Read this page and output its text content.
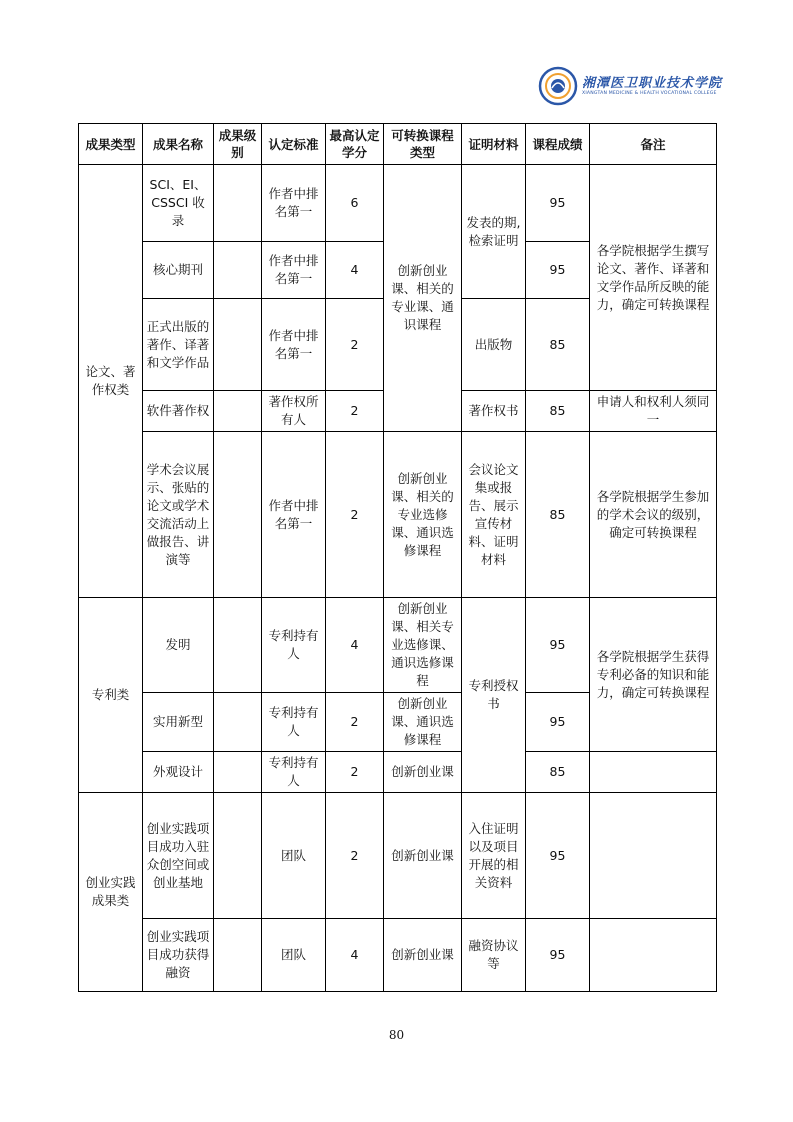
湘潭医卫职业技术学院
XIANGTAN MEDICINE & HEALTH VOCATIONAL COLLEGE
成果类型	成果名称	成果级别	认定标准	最高认定学分	可转换课程类型	证明材料	课程成绩	备注
论文、著作权类	SCI、EI、CSSCI 收录		作者中排名第一	6	创新创业课、相关的专业课、通识课程	发表的期,检索证明	95	各学院根据学生撰写论文、著作、译著和文学作品所反映的能力，确定可转换课程
	核心期刊		作者中排名第一	4			95	
	正式出版的著作、译著和文学作品		作者中排名第一	2		出版物	85	
	软件著作权		著作权所有人	2		著作权书	85	申请人和权利人须同一
	学术会议展示、张贴的论文或学术交流活动上做报告、讲演等		作者中排名第一	2	创新创业课、相关的专业选修课、通识选修课程	会议论文集或报告、展示宣传材料、证明材料	85	各学院根据学生参加的学术会议的级别，确定可转换课程
专利类	发明		专利持有人	4	创新创业课、相关专业选修课、通识选修课程	专利授权书	95	各学院根据学生获得专利必备的知识和能力，确定可转换课程
	实用新型		专利持有人	2	创新创业课、通识选修课程		95	
	外观设计		专利持有人	2	创新创业课		85	
创业实践成果类	创业实践项目成功入驻众创空间或创业基地		团队	2	创新创业课	入住证明以及项目开展的相关资料	95	
	创业实践项目成功获得融资		团队	4	创新创业课	融资协议等	95	
80
